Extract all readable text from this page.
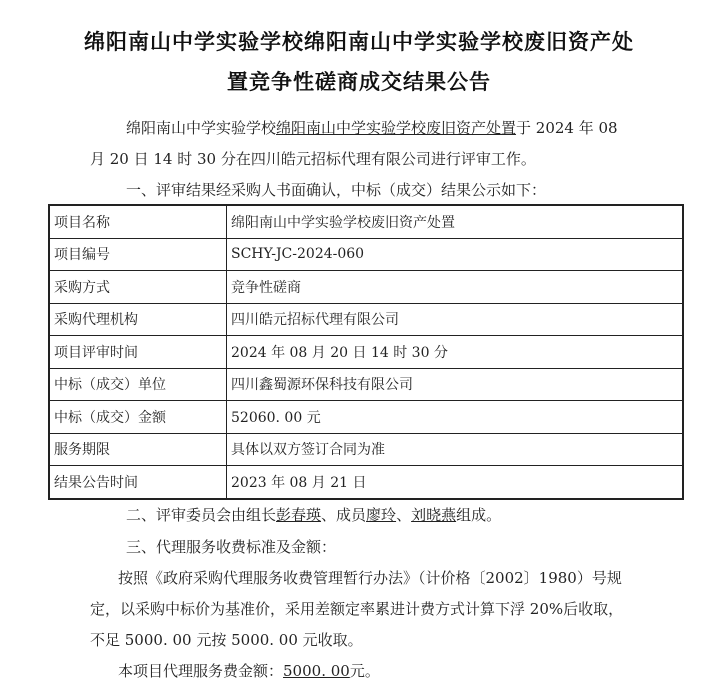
绵阳南山中学实验学校绵阳南山中学实验学校废旧资产处
置竞争性磋商成交结果公告
绵阳南山中学实验学校绵阳南山中学实验学校废旧资产处置于 2024 年 08
月 20 日 14 时 30 分在四川皓元招标代理有限公司进行评审工作。
一、评审结果经采购人书面确认，中标（成交）结果公示如下：
项目名称	绵阳南山中学实验学校废旧资产处置
项目编号	SCHY-JC-2024-060
采购方式	竞争性磋商
采购代理机构	四川皓元招标代理有限公司
项目评审时间	2024 年 08 月 20 日 14 时 30 分
中标（成交）单位	四川鑫蜀源环保科技有限公司
中标（成交）金额	52060. 00 元
服务期限	具体以双方签订合同为准
结果公告时间	2023 年 08 月 21 日
二、评审委员会由组长彭春瑛、成员廖玲、刘晓燕组成。
三、代理服务收费标准及金额：
按照《政府采购代理服务收费管理暂行办法》（计价格〔2002〕1980）号规
定，以采购中标价为基准价，采用差额定率累进计费方式计算下浮 20%后收取，
不足 5000. 00 元按 5000. 00 元收取。
本项目代理服务费金额：5000. 00元。
